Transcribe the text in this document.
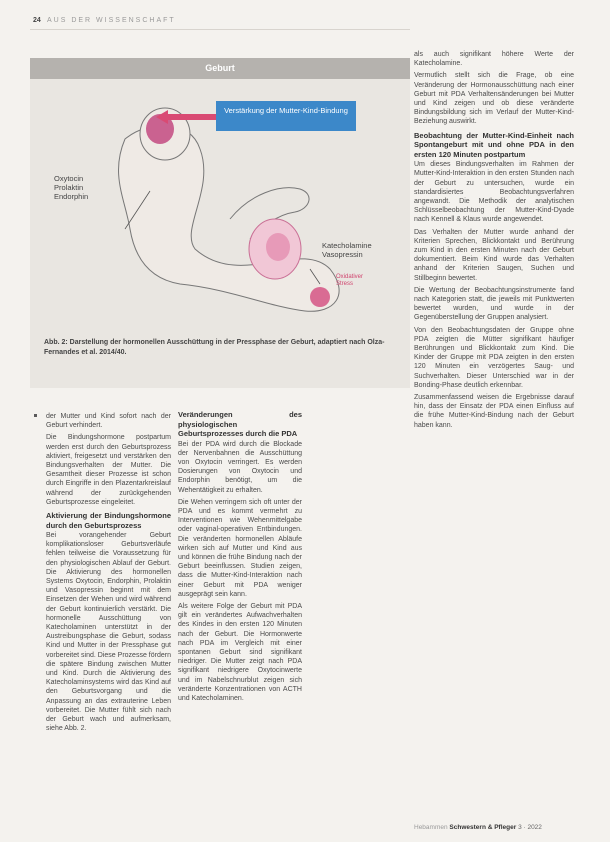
24 AUS DER WISSENSCHAFT
Geburt
Verstärkung der Mutter-Kind-Bindung
Oxytocin
Prolaktin
Endorphin
Katecholamine
Vasopressin
Oxidativer
Stress
Abb. 2: Darstellung der hormonellen Ausschüttung in der Pressphase der Geburt, adaptiert nach Olza-Fernandes et al. 2014/40.

der Mutter und Kind sofort nach der Geburt verhindert.

Die Bindungshormone postpartum werden erst durch den Geburtsprozess aktiviert, freigesetzt und verstärken den Bindungsverhalten der Mutter. Die Gesamtheit dieser Prozesse ist schon durch Eingriffe in den Plazentarkreislauf während der zurückgehenden Geburtsprozesse eingeleitet.

Aktivierung der Bindungshormone durch den Geburtsprozess

Bei vorangehender Geburt komplikationsloser Geburtsverläufe fehlen teilweise die Voraussetzung für den physiologischen Ablauf der Geburt. Die Aktivierung des hormonellen Systems Oxytocin, Endorphin, Prolaktin und Vasopressin beginnt mit dem Einsetzen der Wehen und wird während der Geburt kontinuierlich verstärkt. Die hormonelle Ausschüttung von Katecholaminen unterstützt in der Austreibungsphase die Geburt, sodass Kind und Mutter in der Pressphase gut vorbereitet sind. Diese Prozesse fördern die spätere Bindung zwischen Mutter und Kind. Durch die Aktivierung des Katecholaminsystems wird das Kind auf den Geburtsvorgang und die Anpassung an das extrauterine Leben vorbereitet. Die Mutter fühlt sich nach der Geburt wach und aufmerksam, siehe Abb. 2.

Veränderungen des physiologischen Geburtsprozesses durch die PDA

Bei der PDA wird durch die Blockade der Nervenbahnen die Ausschüttung von Oxytocin verringert. Es werden Dosierungen von Oxytocin und Endorphin benötigt, um die Wehentätigkeit zu erhalten.

Die Wehen verringern sich oft unter der PDA und es kommt vermehrt zu Interventionen wie Wehenmittelgabe oder vaginal-operativen Entbindungen. Die veränderten hormonellen Abläufe wirken sich auf Mutter und Kind aus und können die frühe Bindung nach der Geburt beeinflussen. Studien zeigen, dass die Mutter-Kind-Interaktion nach einer Geburt mit PDA weniger ausgeprägt sein kann.

Als weitere Folge der Geburt mit PDA gilt ein verändertes Aufwachverhalten des Kindes in den ersten 120 Minuten nach der Geburt. Die Hormonwerte nach PDA im Vergleich mit einer spontanen Geburt sind signifikant niedriger. Die Mutter zeigt nach PDA signifikant niedrigere Oxytocinwerte und im Nabelschnurblut zeigen sich veränderte Konzentrationen von ACTH und Katecholaminen.

als auch signifikant höhere Werte der Katecholamine.

Vermutlich stellt sich die Frage, ob eine Veränderung der Hormonausschüttung nach einer Geburt mit PDA Verhaltensänderungen bei Mutter und Kind zeigen und ob diese veränderte Bindungsbildung sich im Verlauf der Mutter-Kind-Beziehung auswirkt.

Beobachtung der Mutter-Kind-Einheit nach Spontangeburt mit und ohne PDA in den ersten 120 Minuten postpartum

Um dieses Bindungsverhalten im Rahmen der Mutter-Kind-Interaktion in den ersten Stunden nach der Geburt zu untersuchen, wurde ein standardisiertes Beobachtungsverfahren angewandt. Die Methodik der analytischen Schlüsselbeobachtung der Mutter-Kind-Dyade nach Kennell & Klaus wurde angewendet.

Das Verhalten der Mutter wurde anhand der Kriterien Sprechen, Blickkontakt und Berührung zum Kind in den ersten Minuten nach der Geburt dokumentiert. Beim Kind wurde das Verhalten anhand der Kriterien Saugen, Suchen und Stillbeginn bewertet.

Die Wertung der Beobachtungsinstrumente fand nach Kategorien statt, die jeweils mit Punktwerten bewertet wurden, und wurde in der Gegenüberstellung der Gruppen analysiert.

Von den Beobachtungsdaten der Gruppe ohne PDA zeigten die Mütter signifikant häufiger Berührungen und Blickkontakt zum Kind. Die Kinder der Gruppe mit PDA zeigten in den ersten 120 Minuten ein verzögertes Saug- und Suchverhalten. Dieser Unterschied war in der Bonding-Phase deutlich erkennbar.

Zusammenfassend weisen die Ergebnisse darauf hin, dass der Einsatz der PDA einen Einfluss auf die frühe Mutter-Kind-Bindung nach der Geburt haben kann.

Hebammen Schwestern & Pfleger 3 · 2022
